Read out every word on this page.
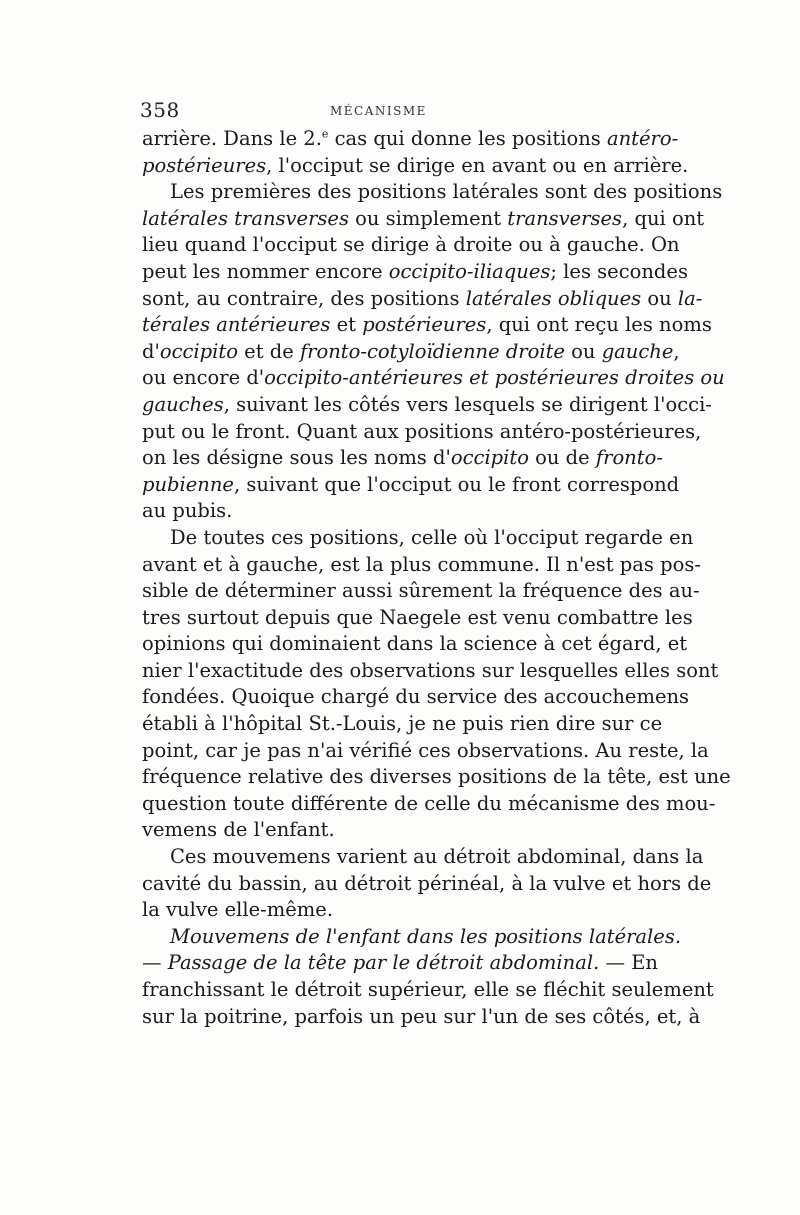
358	MÉCANISME
arrière. Dans le 2.$^e$ cas qui donne les positions antéro-
postérieures, l'occiput se dirige en avant ou en arrière.
Les premières des positions latérales sont des positions
latérales transverses ou simplement transverses, qui ont
lieu quand l'occiput se dirige à droite ou à gauche. On
peut les nommer encore occipito-iliaques; les secondes
sont, au contraire, des positions latérales obliques ou la-
térales antérieures et postérieures, qui ont reçu les noms
d'occipito et de fronto-cotyloïdienne droite ou gauche,
ou encore d'occipito-antérieures et postérieures droites ou
gauches, suivant les côtés vers lesquels se dirigent l'occi-
put ou le front. Quant aux positions antéro-postérieures,
on les désigne sous les noms d'occipito ou de fronto-
pubienne, suivant que l'occiput ou le front correspond
au pubis.
De toutes ces positions, celle où l'occiput regarde en
avant et à gauche, est la plus commune. Il n'est pas pos-
sible de déterminer aussi sûrement la fréquence des au-
tres surtout depuis que Naegele est venu combattre les
opinions qui dominaient dans la science à cet égard, et
nier l'exactitude des observations sur lesquelles elles sont
fondées. Quoique chargé du service des accouchemens
établi à l'hôpital St.-Louis, je ne puis rien dire sur ce
point, car je pas n'ai vérifié ces observations. Au reste, la
fréquence relative des diverses positions de la tête, est une
question toute différente de celle du mécanisme des mou-
vemens de l'enfant.
Ces mouvemens varient au détroit abdominal, dans la
cavité du bassin, au détroit périnéal, à la vulve et hors de
la vulve elle-même.
Mouvemens de l'enfant dans les positions latérales.
— Passage de la tête par le détroit abdominal. — En
franchissant le détroit supérieur, elle se fléchit seulement
sur la poitrine, parfois un peu sur l'un de ses côtés, et, à
